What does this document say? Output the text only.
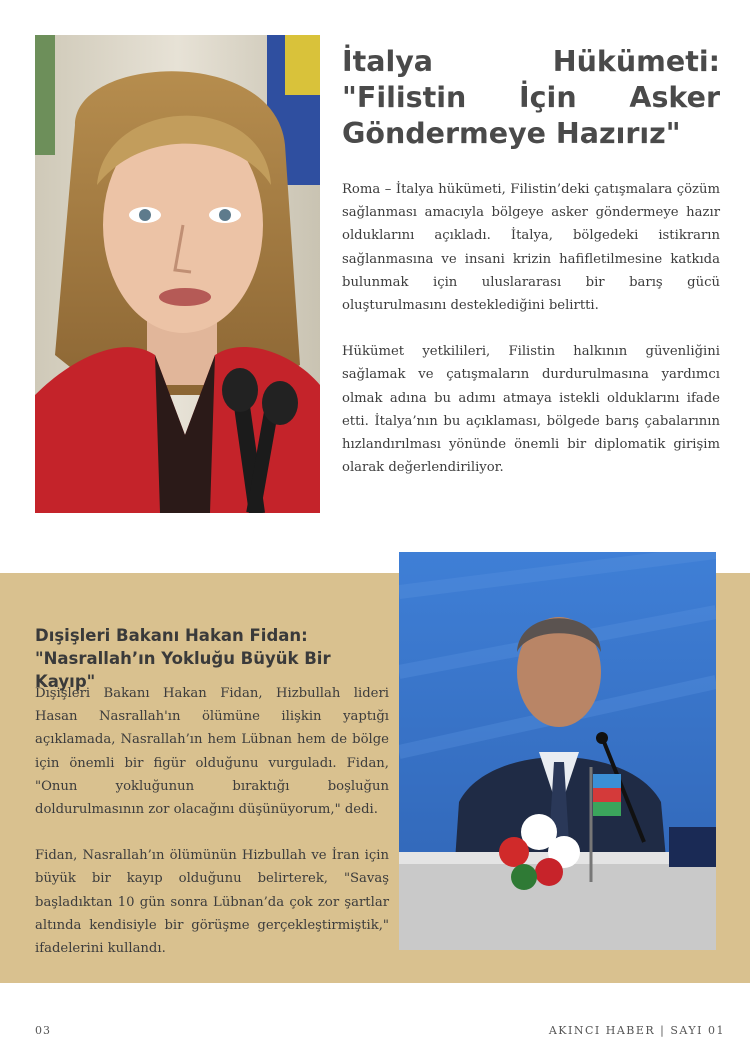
İtalya Hükümeti: "Filistin İçin Asker Göndermeye Hazırız"

Roma – İtalya hükümeti, Filistin’deki çatışmalara çözüm sağlanması amacıyla bölgeye asker göndermeye hazır olduklarını açıkladı. İtalya, bölgedeki istikrarın sağlanmasına ve insani krizin hafifletilmesine katkıda bulunmak için uluslararası bir barış gücü oluşturulmasını desteklediğini belirtti.

Hükümet yetkilileri, Filistin halkının güvenliğini sağlamak ve çatışmaların durdurulmasına yardımcı olmak adına bu adımı atmaya istekli olduklarını ifade etti. İtalya’nın bu açıklaması, bölgede barış çabalarının hızlandırılması yönünde önemli bir diplomatik girişim olarak değerlendiriliyor.

Dışişleri Bakanı Hakan Fidan: "Nasrallah’ın Yokluğu Büyük Bir Kayıp"

Dışişleri Bakanı Hakan Fidan, Hizbullah lideri Hasan Nasrallah'ın ölümüne ilişkin yaptığı açıklamada, Nasrallah’ın hem Lübnan hem de bölge için önemli bir figür olduğunu vurguladı. Fidan, "Onun yokluğunun bıraktığı boşluğun doldurulmasının zor olacağını düşünüyorum," dedi.

Fidan, Nasrallah’ın ölümünün Hizbullah ve İran için büyük bir kayıp olduğunu belirterek, "Savaş başladıktan 10 gün sonra Lübnan’da çok zor şartlar altında kendisiyle bir görüşme gerçekleştirmiştik," ifadelerini kullandı.

03	AKINCI HABER | SAYI 01
